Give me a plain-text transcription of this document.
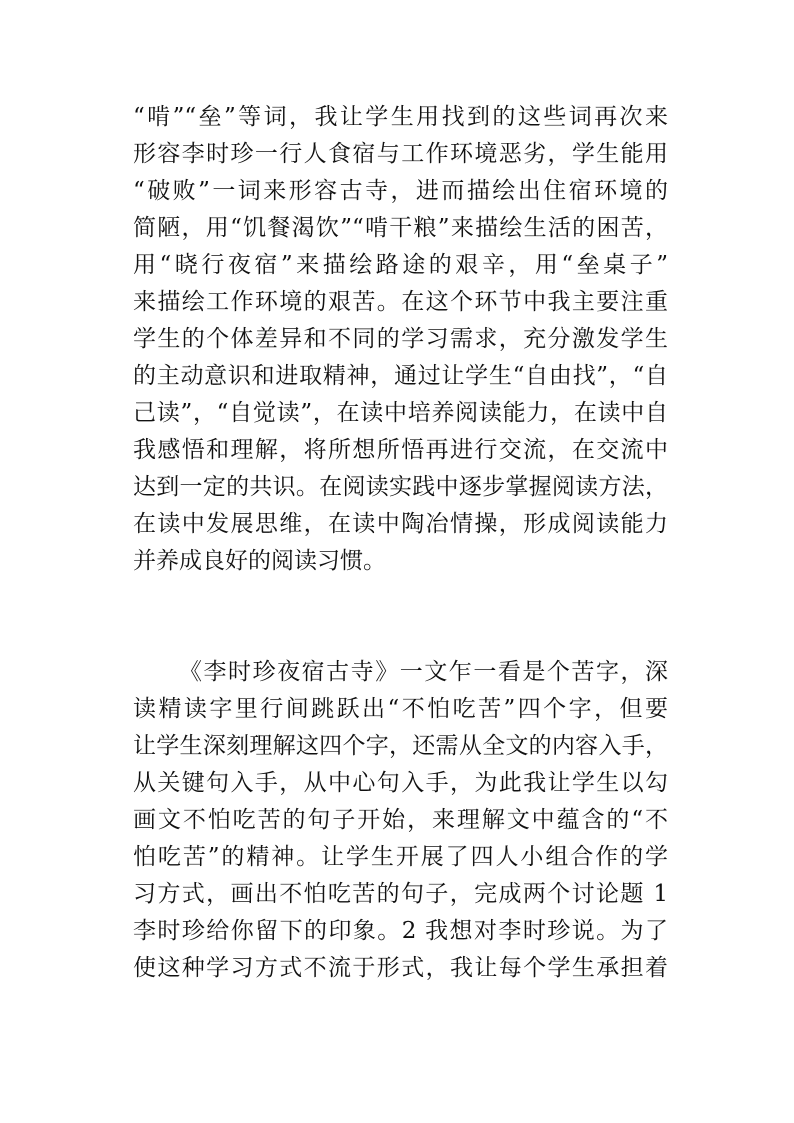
“啃”“垒”等词，我让学生用找到的这些词再次来
形容李时珍一行人食宿与工作环境恶劣，学生能用
“破败”一词来形容古寺，进而描绘出住宿环境的
简陋，用“饥餐渴饮”“啃干粮”来描绘生活的困苦，
用“晓行夜宿”来描绘路途的艰辛，用“垒桌子”
来描绘工作环境的艰苦。在这个环节中我主要注重
学生的个体差异和不同的学习需求，充分激发学生
的主动意识和进取精神，通过让学生“自由找”，“自
己读”，“自觉读”，在读中培养阅读能力，在读中自
我感悟和理解，将所想所悟再进行交流，在交流中
达到一定的共识。在阅读实践中逐步掌握阅读方法，
在读中发展思维，在读中陶冶情操，形成阅读能力
并养成良好的阅读习惯。
《李时珍夜宿古寺》一文乍一看是个苦字，深
读精读字里行间跳跃出“不怕吃苦”四个字，但要
让学生深刻理解这四个字，还需从全文的内容入手，
从关键句入手，从中心句入手，为此我让学生以勾
画文不怕吃苦的句子开始，来理解文中蕴含的“不
怕吃苦”的精神。让学生开展了四人小组合作的学
习方式，画出不怕吃苦的句子，完成两个讨论题 1
李时珍给你留下的印象。2 我想对李时珍说。为了
使这种学习方式不流于形式，我让每个学生承担着
